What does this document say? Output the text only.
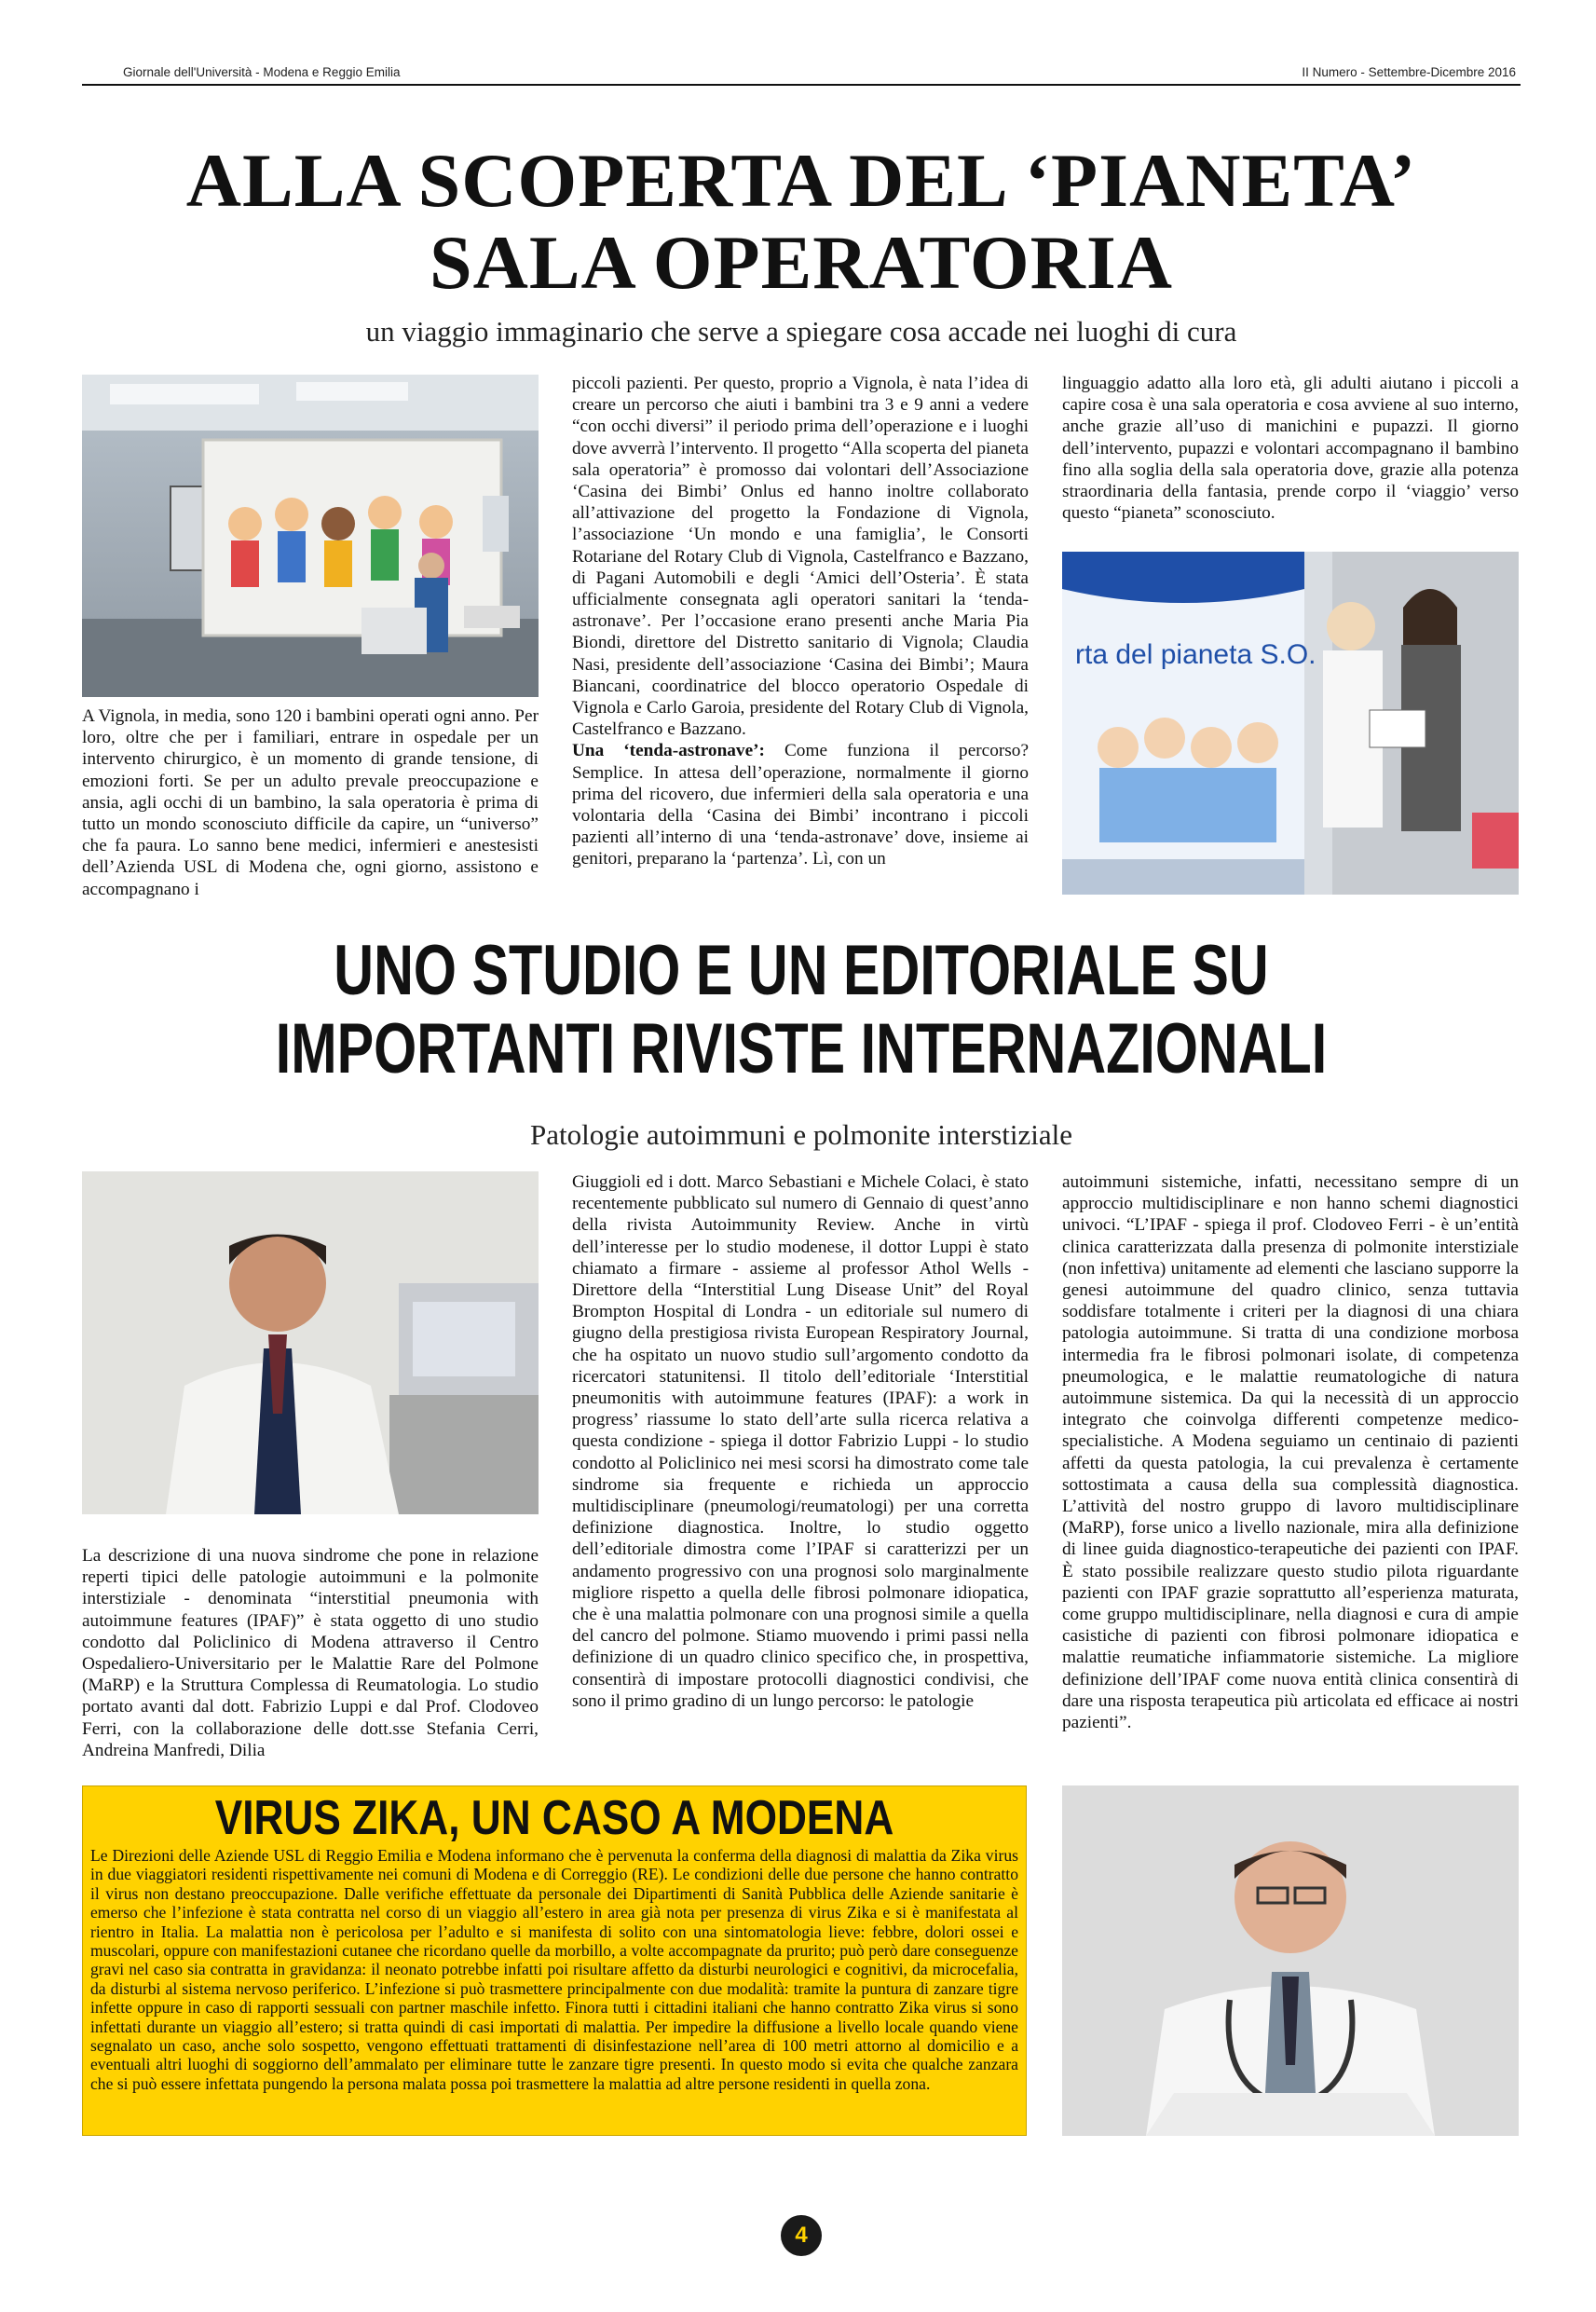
Giornale dell'Università - Modena e Reggio Emilia	II Numero - Settembre-Dicembre 2016
ALLA SCOPERTA DEL ‘PIANETA’
SALA OPERATORIA
un viaggio immaginario che serve a spiegare cosa accade nei luoghi di cura

A Vignola, in media, sono 120 i bambini operati ogni anno. Per loro, oltre che per i familiari, entrare in ospedale per un intervento chirurgico, è un momento di grande tensione, di emozioni forti. Se per un adulto prevale preoccupazione e ansia, agli occhi di un bambino, la sala operatoria è prima di tutto un mondo sconosciuto difficile da capire, un “universo” che fa paura. Lo sanno bene medici, infermieri e anestesisti dell’Azienda USL di Modena che, ogni giorno, assistono e accompagnano i

piccoli pazienti. Per questo, proprio a Vignola, è nata l’idea di creare un percorso che aiuti i bambini tra 3 e 9 anni a vedere “con occhi diversi” il periodo prima dell’operazione e i luoghi dove avverrà l’intervento. Il progetto “Alla scoperta del pianeta sala operatoria” è promosso dai volontari dell’Associazione ‘Casina dei Bimbi’ Onlus ed hanno inoltre collaborato all’attivazione del progetto la Fondazione di Vignola, l’associazione ‘Un mondo e una famiglia’, le Consorti Rotariane del Rotary Club di Vignola, Castelfranco e Bazzano, di Pagani Automobili e degli ‘Amici dell’Osteria’. È stata ufficialmente consegnata agli operatori sanitari la ‘tenda-astronave’. Per l’occasione erano presenti anche Maria Pia Biondi, direttore del Distretto sanitario di Vignola; Claudia Nasi, presidente dell’associazione ‘Casina dei Bimbi’; Maura Biancani, coordinatrice del blocco operatorio Ospedale di Vignola e Carlo Garoia, presidente del Rotary Club di Vignola, Castelfranco e Bazzano.

Una ‘tenda-astronave’: Come funziona il percorso? Semplice. In attesa dell’operazione, normalmente il giorno prima del ricovero, due infermieri della sala operatoria e una volontaria della ‘Casina dei Bimbi’ incontrano i piccoli pazienti all’interno di una ‘tenda-astronave’ dove, insieme ai genitori, preparano la ‘partenza’. Lì, con un

linguaggio adatto alla loro età, gli adulti aiutano i piccoli a capire cosa è una sala operatoria e cosa avviene al suo interno, anche grazie all’uso di manichini e pupazzi. Il giorno dell’intervento, pupazzi e volontari accompagnano il bambino fino alla soglia della sala operatoria dove, grazie alla potenza straordinaria della fantasia, prende corpo il ‘viaggio’ verso questo “pianeta” sconosciuto.

rta del pianeta S.O.
UNO STUDIO E UN EDITORIALE SU
IMPORTANTI RIVISTE INTERNAZIONALI
Patologie autoimmuni e polmonite interstiziale

La descrizione di una nuova sindrome che pone in relazione reperti tipici delle patologie autoimmuni e la polmonite interstiziale - denominata “interstitial pneumonia with autoimmune features (IPAF)” è stata oggetto di uno studio condotto dal Policlinico di Modena attraverso il Centro Ospedaliero-Universitario per le Malattie Rare del Polmone (MaRP) e la Struttura Complessa di Reumatologia. Lo studio portato avanti dal dott. Fabrizio Luppi e dal Prof. Clodoveo Ferri, con la collaborazione delle dott.sse Stefania Cerri, Andreina Manfredi, Dilia

Giuggioli ed i dott. Marco Sebastiani e Michele Colaci, è stato recentemente pubblicato sul numero di Gennaio di quest’anno della rivista Autoimmunity Review. Anche in virtù dell’interesse per lo studio modenese, il dottor Luppi è stato chiamato a firmare - assieme al professor Athol Wells - Direttore della “Interstitial Lung Disease Unit” del Royal Brompton Hospital di Londra - un editoriale sul numero di giugno della prestigiosa rivista European Respiratory Journal, che ha ospitato un nuovo studio sull’argomento condotto da ricercatori statunitensi. Il titolo dell’editoriale ‘Interstitial pneumonitis with autoimmune features (IPAF): a work in progress’ riassume lo stato dell’arte sulla ricerca relativa a questa condizione - spiega il dottor Fabrizio Luppi - lo studio condotto al Policlinico nei mesi scorsi ha dimostrato come tale sindrome sia frequente e richieda un approccio multidisciplinare (pneumologi/reumatologi) per una corretta definizione diagnostica. Inoltre, lo studio oggetto dell’editoriale dimostra come l’IPAF si caratterizzi per un andamento progressivo con una prognosi solo marginalmente migliore rispetto a quella delle fibrosi polmonare idiopatica, che è una malattia polmonare con una prognosi simile a quella del cancro del polmone. Stiamo muovendo i primi passi nella definizione di un quadro clinico specifico che, in prospettiva, consentirà di impostare protocolli diagnostici condivisi, che sono il primo gradino di un lungo percorso: le patologie

autoimmuni sistemiche, infatti, necessitano sempre di un approccio multidisciplinare e non hanno schemi diagnostici univoci. “L’IPAF - spiega il prof. Clodoveo Ferri - è un’entità clinica caratterizzata dalla presenza di polmonite interstiziale (non infettiva) unitamente ad elementi che lasciano supporre la genesi autoimmune del quadro clinico, senza tuttavia soddisfare totalmente i criteri per la diagnosi di una chiara patologia autoimmune. Si tratta di una condizione morbosa intermedia fra le fibrosi polmonari isolate, di competenza pneumologica, e le malattie reumatologiche di natura autoimmune sistemica. Da qui la necessità di un approccio integrato che coinvolga differenti competenze medico-specialistiche. A Modena seguiamo un centinaio di pazienti affetti da questa patologia, la cui prevalenza è certamente sottostimata a causa della sua complessità diagnostica. L’attività del nostro gruppo di lavoro multidisciplinare (MaRP), forse unico a livello nazionale, mira alla definizione di linee guida diagnostico-terapeutiche dei pazienti con IPAF. È stato possibile realizzare questo studio pilota riguardante pazienti con IPAF grazie soprattutto all’esperienza maturata, come gruppo multidisciplinare, nella diagnosi e cura di ampie casistiche di pazienti con fibrosi polmonare idiopatica e malattie reumatiche infiammatorie sistemiche. La migliore definizione dell’IPAF come nuova entità clinica consentirà di dare una risposta terapeutica più articolata ed efficace ai nostri pazienti”.

VIRUS ZIKA, UN CASO A MODENA
Le Direzioni delle Aziende USL di Reggio Emilia e Modena informano che è pervenuta la conferma della diagnosi di malattia da Zika virus in due viaggiatori residenti rispettivamente nei comuni di Modena e di Correggio (RE). Le condizioni delle due persone che hanno contratto il virus non destano preoccupazione. Dalle verifiche effettuate da personale dei Dipartimenti di Sanità Pubblica delle Aziende sanitarie è emerso che l’infezione è stata contratta nel corso di un viaggio all’estero in area già nota per presenza di virus Zika e si è manifestata al rientro in Italia. La malattia non è pericolosa per l’adulto e si manifesta di solito con una sintomatologia lieve: febbre, dolori ossei e muscolari, oppure con manifestazioni cutanee che ricordano quelle da morbillo, a volte accompagnate da prurito; può però dare conseguenze gravi nel caso sia contratta in gravidanza: il neonato potrebbe infatti poi risultare affetto da disturbi neurologici e cognitivi, da microcefalia, da disturbi al sistema nervoso periferico. L’infezione si può trasmettere principalmente con due modalità: tramite la puntura di zanzare tigre infette oppure in caso di rapporti sessuali con partner maschile infetto. Finora tutti i cittadini italiani che hanno contratto Zika virus si sono infettati durante un viaggio all’estero; si tratta quindi di casi importati di malattia. Per impedire la diffusione a livello locale quando viene segnalato un caso, anche solo sospetto, vengono effettuati trattamenti di disinfestazione nell’area di 100 metri attorno al domicilio e a eventuali altri luoghi di soggiorno dell’ammalato per eliminare tutte le zanzare tigre presenti. In questo modo si evita che qualche zanzara che si può essere infettata pungendo la persona malata possa poi trasmettere la malattia ad altre persone residenti in quella zona.
4
